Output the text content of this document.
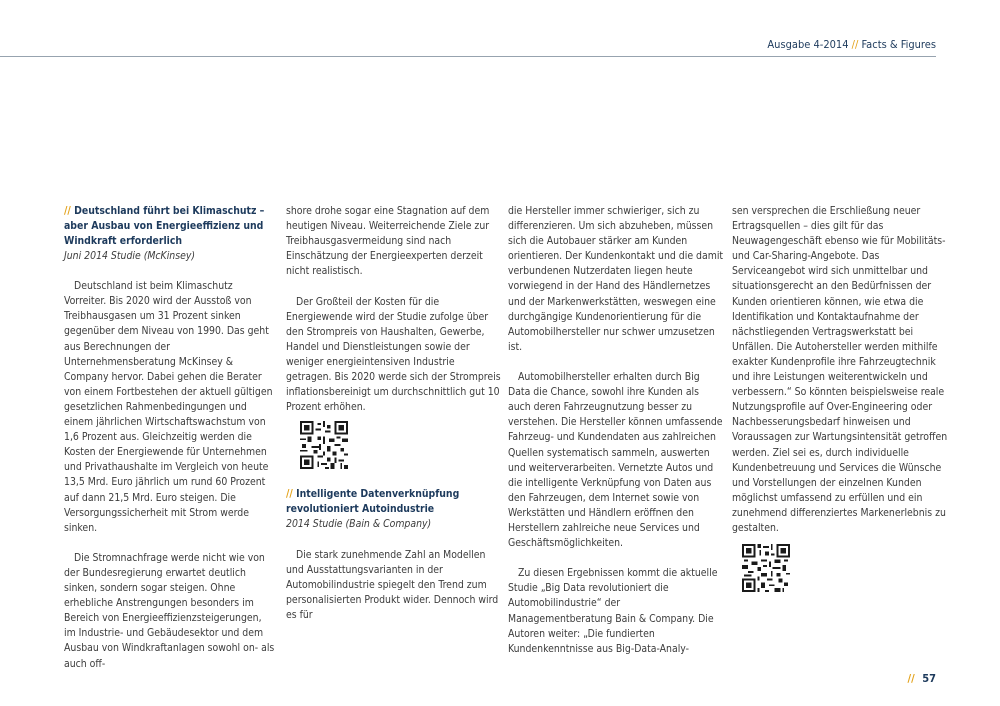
Ausgabe 4-2014 // Facts & Figures
// Deutschland führt bei Klimaschutz – aber Ausbau von Energieeffizienz und Windkraft erforderlich
Juni 2014 Studie (McKinsey)

Deutschland ist beim Klimaschutz Vorreiter. Bis 2020 wird der Ausstoß von Treibhausgasen um 31 Prozent sinken gegenüber dem Niveau von 1990. Das geht aus Berechnungen der Unternehmensberatung McKinsey & Company hervor. Dabei gehen die Berater von einem Fortbestehen der aktuell gültigen gesetzlichen Rahmenbedingungen und einem jährlichen Wirtschaftswachstum von 1,6 Prozent aus. Gleichzeitig werden die Kosten der Energiewende für Unternehmen und Privathaushalte im Vergleich von heute 13,5 Mrd. Euro jährlich um rund 60 Prozent auf dann 21,5 Mrd. Euro steigen. Die Versorgungssicherheit mit Strom werde sinken.

Die Stromnachfrage werde nicht wie von der Bundesregierung erwartet deutlich sinken, sondern sogar steigen. Ohne erhebliche Anstrengungen besonders im Bereich von Energieeffizienzsteigerungen, im Industrie- und Gebäudesektor und dem Ausbau von Windkraftanlagen sowohl on- als auch off-

shore drohe sogar eine Stagnation auf dem heutigen Niveau. Weiterreichende Ziele zur Treibhausgasvermeidung sind nach Einschätzung der Energieexperten derzeit nicht realistisch.

Der Großteil der Kosten für die Energiewende wird der Studie zufolge über den Strompreis von Haushalten, Gewerbe, Handel und Dienstleistungen sowie der weniger energieintensiven Industrie getragen. Bis 2020 werde sich der Strompreis inflationsbereinigt um durchschnittlich gut 10 Prozent erhöhen.

// Intelligente Datenverknüpfung revolutioniert Autoindustrie
2014 Studie (Bain & Company)

Die stark zunehmende Zahl an Modellen und Ausstattungsvarianten in der Automobilindustrie spiegelt den Trend zum personalisierten Produkt wider. Dennoch wird es für

die Hersteller immer schwieriger, sich zu differenzieren. Um sich abzuheben, müssen sich die Autobauer stärker am Kunden orientieren. Der Kundenkontakt und die damit verbundenen Nutzerdaten liegen heute vorwiegend in der Hand des Händlernetzes und der Markenwerkstätten, weswegen eine durchgängige Kundenorientierung für die Automobilhersteller nur schwer umzusetzen ist.

Automobilhersteller erhalten durch Big Data die Chance, sowohl ihre Kunden als auch deren Fahrzeugnutzung besser zu verstehen. Die Hersteller können umfassende Fahrzeug- und Kundendaten aus zahlreichen Quellen systematisch sammeln, auswerten und weiterverarbeiten. Vernetzte Autos und die intelligente Verknüpfung von Daten aus den Fahrzeugen, dem Internet sowie von Werkstätten und Händlern eröffnen den Herstellern zahlreiche neue Services und Geschäftsmöglichkeiten.

Zu diesen Ergebnissen kommt die aktuelle Studie „Big Data revolutioniert die Automobilindustrie“ der Managementberatung Bain & Company. Die Autoren weiter: „Die fundierten Kundenkenntnisse aus Big-Data-Analy-

sen versprechen die Erschließung neuer Ertragsquellen – dies gilt für das Neuwagengeschäft ebenso wie für Mobilitäts- und Car-Sharing-Angebote. Das Serviceangebot wird sich unmittelbar und situationsgerecht an den Bedürfnissen der Kunden orientieren können, wie etwa die Identifikation und Kontaktaufnahme der nächstliegenden Vertragswerkstatt bei Unfällen. Die Autohersteller werden mithilfe exakter Kundenprofile ihre Fahrzeugtechnik und ihre Leistungen weiterentwickeln und verbessern.“ So könnten beispielsweise reale Nutzungsprofile auf Over-Engineering oder Nachbesserungsbedarf hinweisen und Voraussagen zur Wartungsintensität getroffen werden. Ziel sei es, durch individuelle Kundenbetreuung und Services die Wünsche und Vorstellungen der einzelnen Kunden möglichst umfassend zu erfüllen und ein zunehmend differenziertes Markenerlebnis zu gestalten.

// 57
